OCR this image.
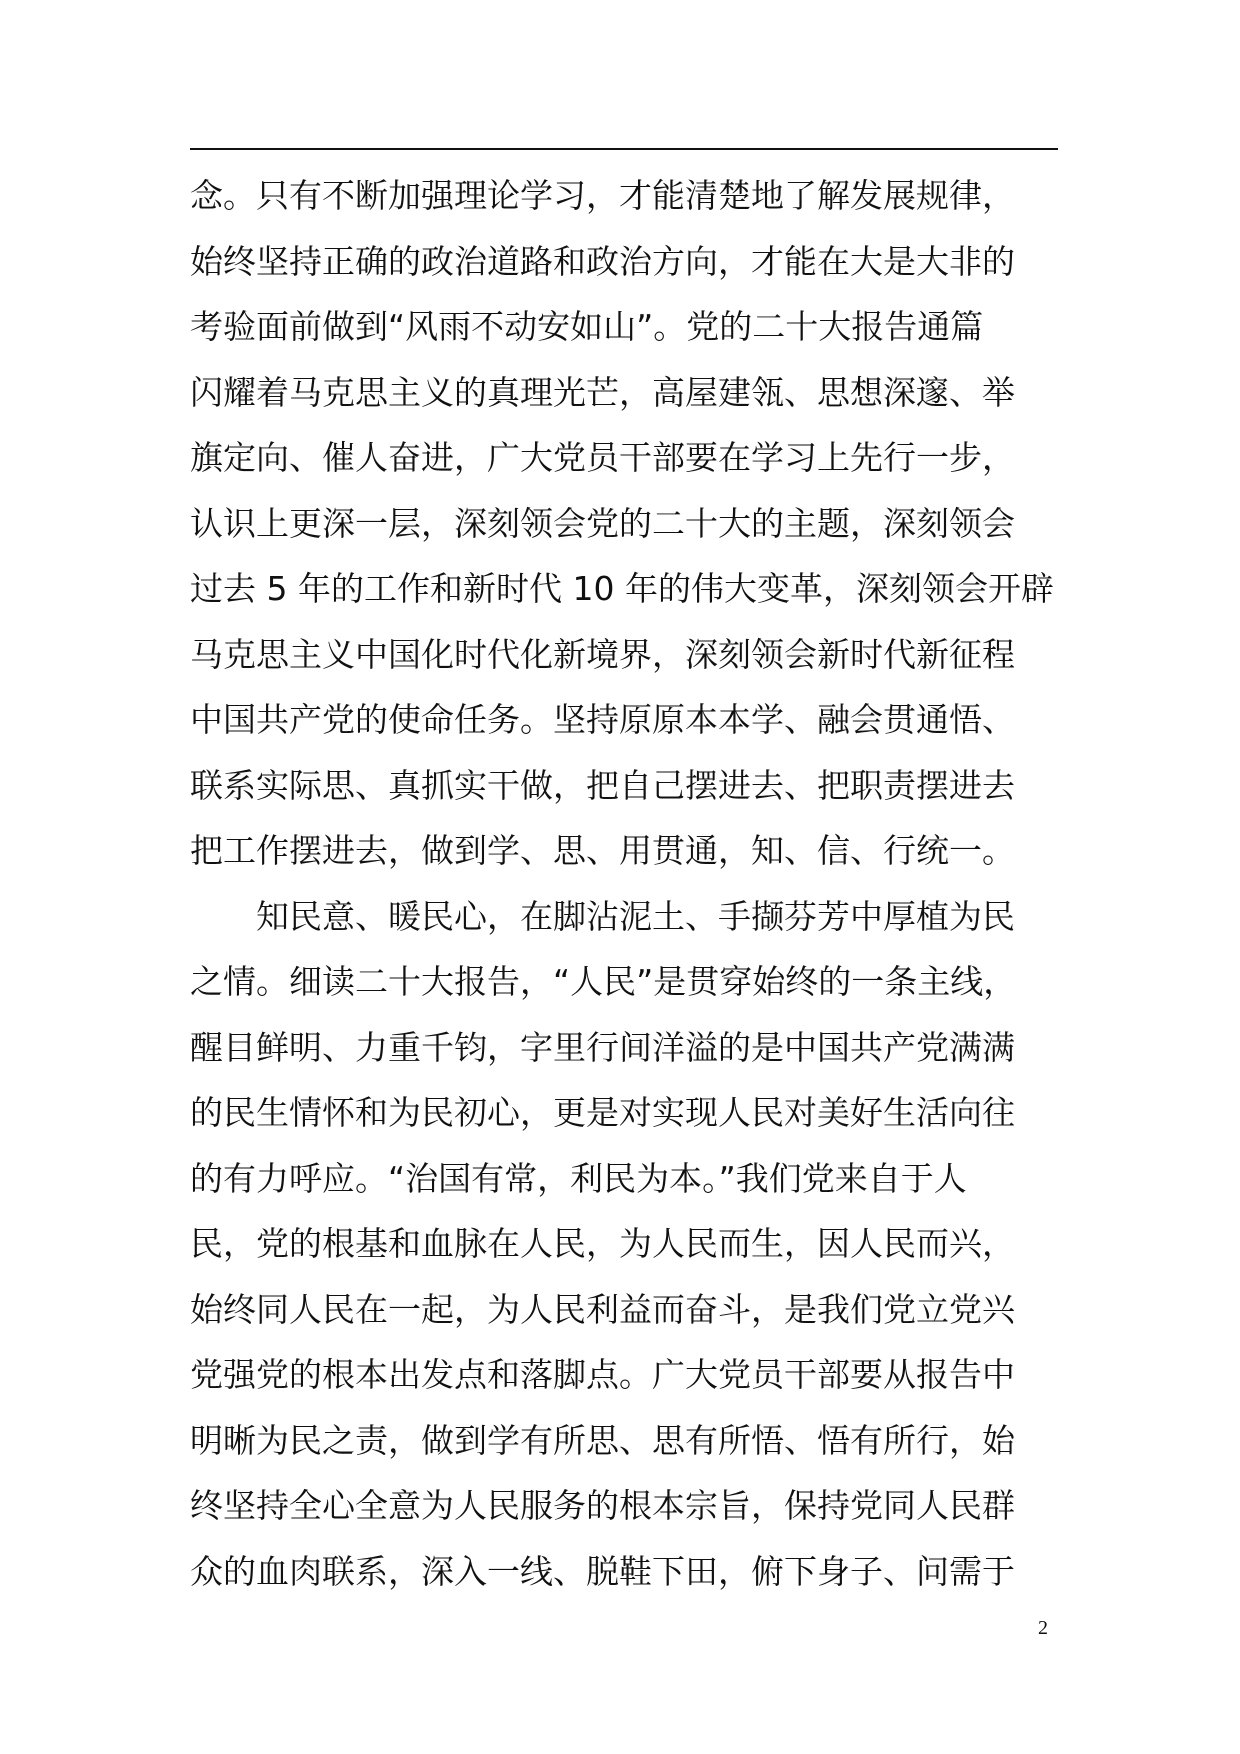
念。只有不断加强理论学习，才能清楚地了解发展规律，
始终坚持正确的政治道路和政治方向，才能在大是大非的
考验面前做到“风雨不动安如山”。党的二十大报告通篇
闪耀着马克思主义的真理光芒，高屋建瓴、思想深邃、举
旗定向、催人奋进，广大党员干部要在学习上先行一步，
认识上更深一层，深刻领会党的二十大的主题，深刻领会
过去 5 年的工作和新时代 10 年的伟大变革，深刻领会开辟
马克思主义中国化时代化新境界，深刻领会新时代新征程
中国共产党的使命任务。坚持原原本本学、融会贯通悟、
联系实际思、真抓实干做，把自己摆进去、把职责摆进去
把工作摆进去，做到学、思、用贯通，知、信、行统一。
知民意、暖民心，在脚沾泥土、手撷芬芳中厚植为民
之情。细读二十大报告，“人民”是贯穿始终的一条主线，
醒目鲜明、力重千钧，字里行间洋溢的是中国共产党满满
的民生情怀和为民初心，更是对实现人民对美好生活向往
的有力呼应。“治国有常，利民为本。”我们党来自于人
民，党的根基和血脉在人民，为人民而生，因人民而兴，
始终同人民在一起，为人民利益而奋斗，是我们党立党兴
党强党的根本出发点和落脚点。广大党员干部要从报告中
明晰为民之责，做到学有所思、思有所悟、悟有所行，始
终坚持全心全意为人民服务的根本宗旨，保持党同人民群
众的血肉联系，深入一线、脱鞋下田，俯下身子、问需于
2
